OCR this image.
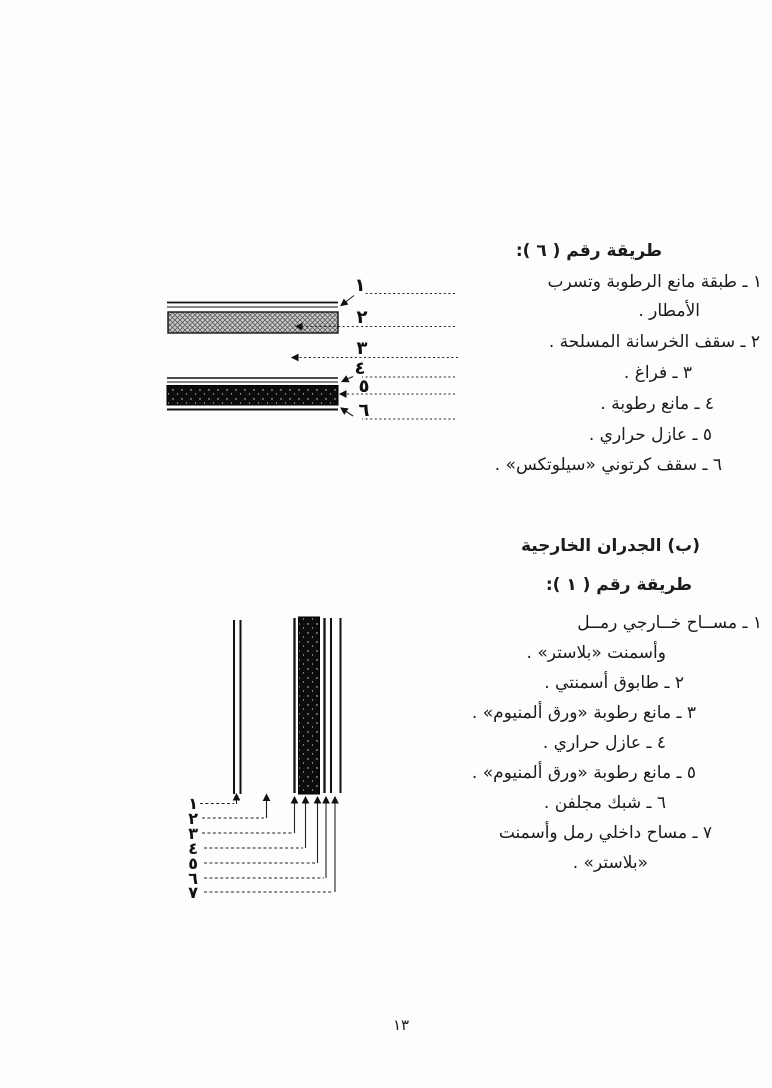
طريقة رقم ( ٦ ):
١ ـ طبقة مانع الرطوبة وتسرب
الأمطار .
٢ ـ سقف الخرسانة المسلحة .
٣ ـ فراغ .
٤ ـ مانع رطوبة .
٥ ـ عازل حراري .
٦ ـ سقف كرتوني «سيلوتكس» .
(ب) الجدران الخارجية
طريقة رقم ( ١ ):
١ ـ مســاح خــارجي رمــل
وأسمنت «بلاستر» .
٢ ـ طابوق أسمنتي .
٣ ـ مانع رطوبة «ورق ألمنيوم» .
٤ ـ عازل حراري .
٥ ـ مانع رطوبة «ورق ألمنيوم» .
٦ ـ شبك مجلفن .
٧ ـ مساح داخلي رمل وأسمنت
«بلاستر» .
١٣
١
٢
٣
٤
٥
٦
١
٢
٣
٤
٥
٦
٧
